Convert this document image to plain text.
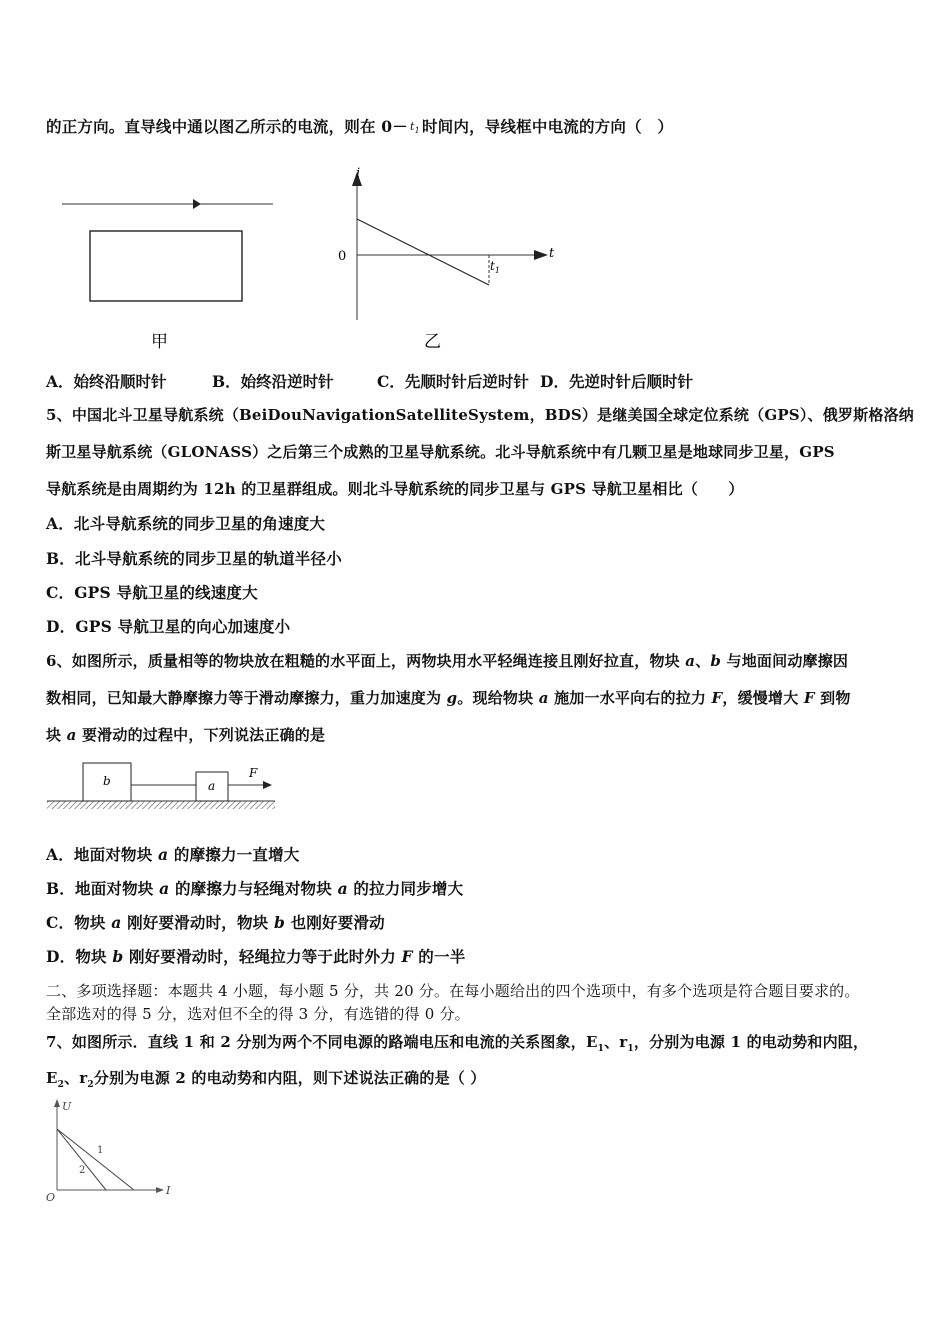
的正方向。直导线中通以图乙所示的电流，则在 $0- t_1$ 时间内，导线框中电流的方向（　）
甲
i
t
0
$t_1$
乙
A．始终沿顺时针	B．始终沿逆时针	C．先顺时针后逆时针 D．先逆时针后顺时针
5、中国北斗卫星导航系统（BeiDouNavigationSatelliteSystem，BDS）是继美国全球定位系统（GPS）、俄罗斯格洛纳
斯卫星导航系统（GLONASS）之后第三个成熟的卫星导航系统。北斗导航系统中有几颗卫星是地球同步卫星，GPS
导航系统是由周期约为 12h 的卫星群组成。则北斗导航系统的同步卫星与 GPS 导航卫星相比（　　）
A．北斗导航系统的同步卫星的角速度大
B．北斗导航系统的同步卫星的轨道半径小
C．GPS 导航卫星的线速度大
D．GPS 导航卫星的向心加速度小
6、如图所示，质量相等的物块放在粗糙的水平面上，两物块用水平轻绳连接且刚好拉直，物块 a、b 与地面间动摩擦因
数相同，已知最大静摩擦力等于滑动摩擦力，重力加速度为 g。现给物块 a 施加一水平向右的拉力 F，缓慢增大 F 到物
块 a 要滑动的过程中，下列说法正确的是
b	a
F
A．地面对物块 a 的摩擦力一直增大
B．地面对物块 a 的摩擦力与轻绳对物块 a 的拉力同步增大
C．物块 a 刚好要滑动时，物块 b 也刚好要滑动
D．物块 b 刚好要滑动时，轻绳拉力等于此时外力 F 的一半
二、多项选择题：本题共 4 小题，每小题 5 分，共 20 分。在每小题给出的四个选项中，有多个选项是符合题目要求的。
全部选对的得 5 分，选对但不全的得 3 分，有选错的得 0 分。
7、如图所示．直线 1 和 2 分别为两个不同电源的路端电压和电流的关系图象，$E_1$、$r_1$，分别为电源 1 的电动势和内阻，
$E_2$、$r_2$分别为电源 2 的电动势和内阻，则下述说法正确的是（ ）
U
I
O
1
2
